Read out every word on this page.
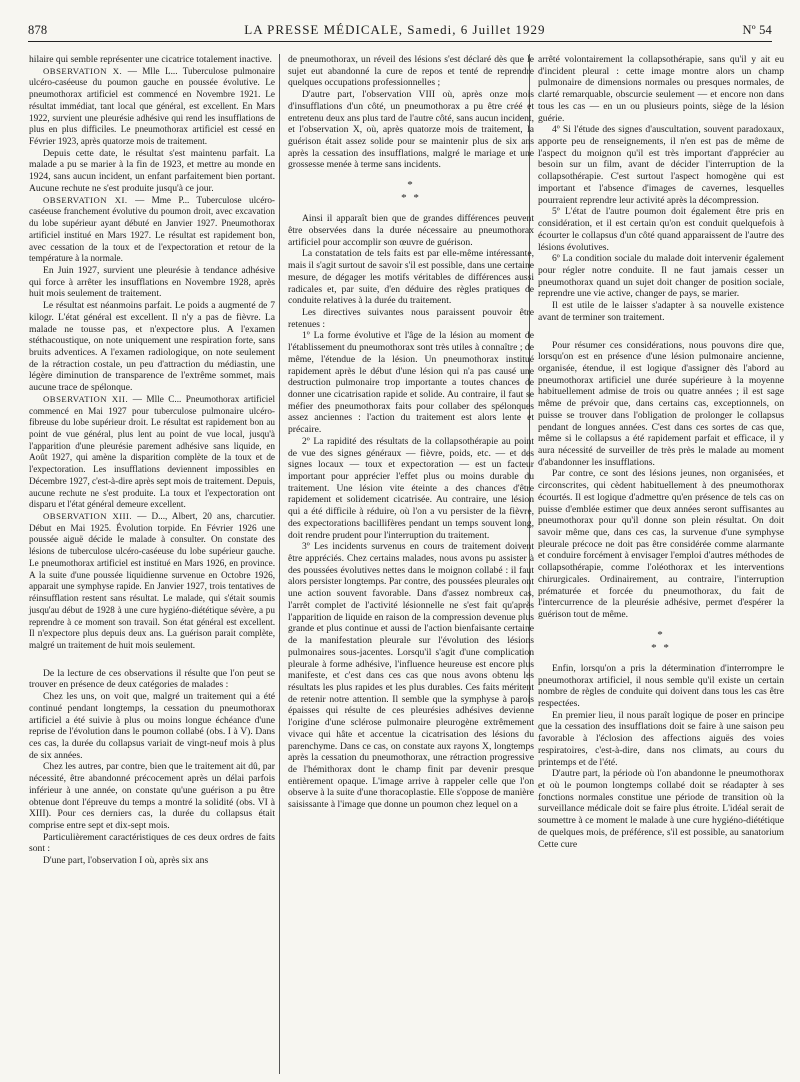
878	LA PRESSE MÉDICALE, Samedi, 6 Juillet 1929	Nº 54

hilaire qui semble représenter une cicatrice totalement inactive.

OBSERVATION X. — Mlle L... Tuberculose pulmonaire ulcéro-caséeuse du poumon gauche en poussée évolutive. Le pneumothorax artificiel est commencé en Novembre 1921. Le résultat immédiat, tant local que général, est excellent. En Mars 1922, survient une pleurésie adhésive qui rend les insufflations de plus en plus difficiles. Le pneumothorax artificiel est cessé en Février 1923, après quatorze mois de traitement.

Depuis cette date, le résultat s'est maintenu parfait. La malade a pu se marier à la fin de 1923, et mettre au monde en 1924, sans aucun incident, un enfant parfaitement bien portant. Aucune rechute ne s'est produite jusqu'à ce jour.

OBSERVATION XI. — Mme P... Tuberculose ulcéro-caséeuse franchement évolutive du poumon droit, avec excavation du lobe supérieur ayant débuté en Janvier 1927. Pneumothorax artificiel institué en Mars 1927. Le résultat est rapidement bon, avec cessation de la toux et de l'expectoration et retour de la température à la normale.

En Juin 1927, survient une pleurésie à tendance adhésive qui force à arrêter les insufflations en Novembre 1928, après huit mois seulement de traitement.

Le résultat est néanmoins parfait. Le poids a augmenté de 7 kilogr. L'état général est excellent. Il n'y a pas de fièvre. La malade ne tousse pas, et n'expectore plus. A l'examen stéthacoustique, on note uniquement une respiration forte, sans bruits adventices. A l'examen radiologique, on note seulement de la rétraction costale, un peu d'attraction du médiastin, une légère diminution de transparence de l'extrême sommet, mais aucune trace de spélonque.

OBSERVATION XII. — Mlle C... Pneumothorax artificiel commencé en Mai 1927 pour tuberculose pulmonaire ulcéro-fibreuse du lobe supérieur droit. Le résultat est rapidement bon au point de vue général, plus lent au point de vue local, jusqu'à l'apparition d'une pleurésie parement adhésive sans liquide, en Août 1927, qui amène la disparition complète de la toux et de l'expectoration. Les insufflations deviennent impossibles en Décembre 1927, c'est-à-dire après sept mois de traitement. Depuis, aucune rechute ne s'est produite. La toux et l'expectoration ont disparu et l'état général demeure excellent.

OBSERVATION XIII. — D..., Albert, 20 ans, charcutier. Début en Mai 1925. Évolution torpide. En Février 1926 une poussée aiguë décide le malade à consulter. On constate des lésions de tuberculose ulcéro-caséeuse du lobe supérieur gauche. Le pneumothorax artificiel est institué en Mars 1926, en province. A la suite d'une poussée liquidienne survenue en Octobre 1926, apparait une symphyse rapide. En Janvier 1927, trois tentatives de réinsufflation restent sans résultat. Le malade, qui s'était soumis jusqu'au début de 1928 à une cure hygiéno-diététique sévère, a pu reprendre à ce moment son travail. Son état général est excellent. Il n'expectore plus depuis deux ans. La guérison parait complète, malgré un traitement de huit mois seulement.

De la lecture de ces observations il résulte que l'on peut se trouver en présence de deux catégories de malades :

Chez les uns, on voit que, malgré un traitement qui a été continué pendant longtemps, la cessation du pneumothorax artificiel a été suivie à plus ou moins longue échéance d'une reprise de l'évolution dans le poumon collabé (obs. I à V). Dans ces cas, la durée du collapsus variait de vingt-neuf mois à plus de six années.

Chez les autres, par contre, bien que le traitement ait dû, par nécessité, être abandonné précocement après un délai parfois inférieur à une année, on constate qu'une guérison a pu être obtenue dont l'épreuve du temps a montré la solidité (obs. VI à XIII). Pour ces derniers cas, la durée du collapsus était comprise entre sept et dix-sept mois.

Particulièrement caractéristiques de ces deux ordres de faits sont :

D'une part, l'observation I où, après six ans

de pneumothorax, un réveil des lésions s'est déclaré dès que le sujet eut abandonné la cure de repos et tenté de reprendre quelques occupations professionnelles ;

D'autre part, l'observation VIII où, après onze mois d'insufflations d'un côté, un pneumothorax a pu être créé et entretenu deux ans plus tard de l'autre côté, sans aucun incident, et l'observation X, où, après quatorze mois de traitement, la guérison était assez solide pour se maintenir plus de six ans après la cessation des insufflations, malgré le mariage et une grossesse menée à terme sans incidents.

*
* *

Ainsi il apparaît bien que de grandes différences peuvent être observées dans la durée nécessaire au pneumothorax artificiel pour accomplir son œuvre de guérison.

La constatation de tels faits est par elle-même intéressante, mais il s'agit surtout de savoir s'il est possible, dans une certaine mesure, de dégager les motifs véritables de différences aussi radicales et, par suite, d'en déduire des règles pratiques de conduite relatives à la durée du traitement.

Les directives suivantes nous paraissent pouvoir être retenues :

1º La forme évolutive et l'âge de la lésion au moment de l'établissement du pneumothorax sont très utiles à connaître ; de même, l'étendue de la lésion. Un pneumothorax institué rapidement après le début d'une lésion qui n'a pas causé une destruction pulmonaire trop importante a toutes chances de donner une cicatrisation rapide et solide. Au contraire, il faut se méfier des pneumothorax faits pour collaber des spélonques assez anciennes : l'action du traitement est alors lente et précaire.

2º La rapidité des résultats de la collapsothérapie au point de vue des signes généraux — fièvre, poids, etc. — et des signes locaux — toux et expectoration — est un facteur important pour apprécier l'effet plus ou moins durable du traitement. Une lésion vite éteinte a des chances d'être rapidement et solidement cicatrisée. Au contraire, une lésion qui a été difficile à réduire, où l'on a vu persister de la fièvre, des expectorations bacillifères pendant un temps souvent long, doit rendre prudent pour l'interruption du traitement.

3º Les incidents survenus en cours de traitement doivent être appréciés. Chez certains malades, nous avons pu assister à des poussées évolutives nettes dans le moignon collabé : il faut alors persister longtemps. Par contre, des poussées pleurales ont une action souvent favorable. Dans d'assez nombreux cas, l'arrêt complet de l'activité lésionnelle ne s'est fait qu'après l'apparition de liquide en raison de la compression devenue plus grande et plus continue et aussi de l'action bienfaisante certaine de la manifestation pleurale sur l'évolution des lésions pulmonaires sous-jacentes. Lorsqu'il s'agit d'une complication pleurale à forme adhésive, l'influence heureuse est encore plus manifeste, et c'est dans ces cas que nous avons obtenu les résultats les plus rapides et les plus durables. Ces faits méritent de retenir notre attention. Il semble que la symphyse à parois épaisses qui résulte de ces pleurésies adhésives devienne l'origine d'une sclérose pulmonaire pleurogène extrêmement vivace qui hâte et accentue la cicatrisation des lésions du parenchyme. Dans ce cas, on constate aux rayons X, longtemps après la cessation du pneumothorax, une rétraction progressive de l'hémithorax dont le champ finit par devenir presque entièrement opaque. L'image arrive à rappeler celle que l'on observe à la suite d'une thoracoplastie. Elle s'oppose de manière saisissante à l'image que donne un poumon chez lequel on a

arrêté volontairement la collapsothérapie, sans qu'il y ait eu d'incident pleural : cette image montre alors un champ pulmonaire de dimensions normales ou presques normales, de clarté remarquable, obscurcie seulement — et encore non dans tous les cas — en un ou plusieurs points, siège de la lésion guérie.

4º Si l'étude des signes d'auscultation, souvent paradoxaux, apporte peu de renseignements, il n'en est pas de même de l'aspect du moignon qu'il est très important d'apprécier au besoin sur un film, avant de décider l'interruption de la collapsothérapie. C'est surtout l'aspect homogène qui est important et l'absence d'images de cavernes, lesquelles pourraient reprendre leur activité après la décompression.

5º L'état de l'autre poumon doit également être pris en considération, et il est certain qu'on est conduit quelquefois à écourter le collapsus d'un côté quand apparaissent de l'autre des lésions évolutives.

6º La condition sociale du malade doit intervenir également pour régler notre conduite. Il ne faut jamais cesser un pneumothorax quand un sujet doit changer de position sociale, reprendre une vie active, changer de pays, se marier.

Il est utile de le laisser s'adapter à sa nouvelle existence avant de terminer son traitement.

Pour résumer ces considérations, nous pouvons dire que, lorsqu'on est en présence d'une lésion pulmonaire ancienne, organisée, étendue, il est logique d'assigner dès l'abord au pneumothorax artificiel une durée supérieure à la moyenne habituellement admise de trois ou quatre années ; il est sage même de prévoir que, dans certains cas, exceptionnels, on puisse se trouver dans l'obligation de prolonger le collapsus pendant de longues années. C'est dans ces sortes de cas que, même si le collapsus a été rapidement parfait et efficace, il y aura nécessité de surveiller de très près le malade au moment d'abandonner les insufflations.

Par contre, ce sont des lésions jeunes, non organisées, et circonscrites, qui cèdent habituellement à des pneumothorax écourtés. Il est logique d'admettre qu'en présence de tels cas on puisse d'emblée estimer que deux années seront suffisantes au pneumothorax pour qu'il donne son plein résultat. On doit savoir même que, dans ces cas, la survenue d'une symphyse pleurale précoce ne doit pas être considérée comme alarmante et conduire forcément à envisager l'emploi d'autres méthodes de collapsothérapie, comme l'oléothorax et les interventions chirurgicales. Ordinairement, au contraire, l'interruption prématurée et forcée du pneumothorax, du fait de l'intercurrence de la pleurésie adhésive, permet d'espérer la guérison tout de même.

*
* *

Enfin, lorsqu'on a pris la détermination d'interrompre le pneumothorax artificiel, il nous semble qu'il existe un certain nombre de règles de conduite qui doivent dans tous les cas être respectées.

En premier lieu, il nous paraît logique de poser en principe que la cessation des insufflations doit se faire à une saison peu favorable à l'éclosion des affections aiguës des voies respiratoires, c'est-à-dire, dans nos climats, au cours du printemps et de l'été.

D'autre part, la période où l'on abandonne le pneumothorax et où le poumon longtemps collabé doit se réadapter à ses fonctions normales constitue une période de transition où la surveillance médicale doit se faire plus étroite. L'idéal serait de soumettre à ce moment le malade à une cure hygiéno-diététique de quelques mois, de préférence, s'il est possible, au sanatorium Cette cure
